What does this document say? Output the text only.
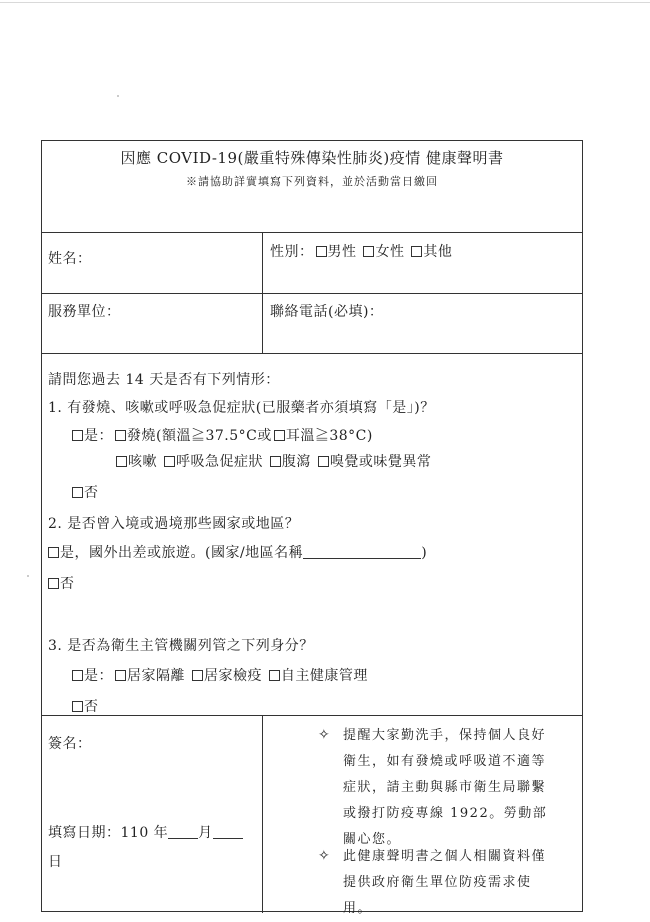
因應 COVID-19(嚴重特殊傳染性肺炎)疫情 健康聲明書
※請協助詳實填寫下列資料，並於活動當日繳回
姓名：	性別： 男性 女性 其他
服務單位：	聯絡電話(必填)：
請問您過去 14 天是否有下列情形：
1. 有發燒、咳嗽或呼吸急促症狀(已服藥者亦須填寫「是」)？
是： 發燒(額溫≧37.5°C或 耳溫≧38°C)
咳嗽 呼吸急促症狀 腹瀉 嗅覺或味覺異常
否
2. 是否曾入境或過境那些國家或地區？
是，國外出差或旅遊。(國家/地區名稱	)
否
3. 是否為衛生主管機關列管之下列身分？
是： 居家隔離 居家檢疫 自主健康管理
否
簽名：
填寫日期：110 年 月
日
✧ 提醒大家勤洗手，保持個人良好衛生，如有發燒或呼吸道不適等症狀，請主動與縣市衛生局聯繫或撥打防疫專線 1922。勞動部關心您。
✧ 此健康聲明書之個人相關資料僅提供政府衛生單位防疫需求使用。
